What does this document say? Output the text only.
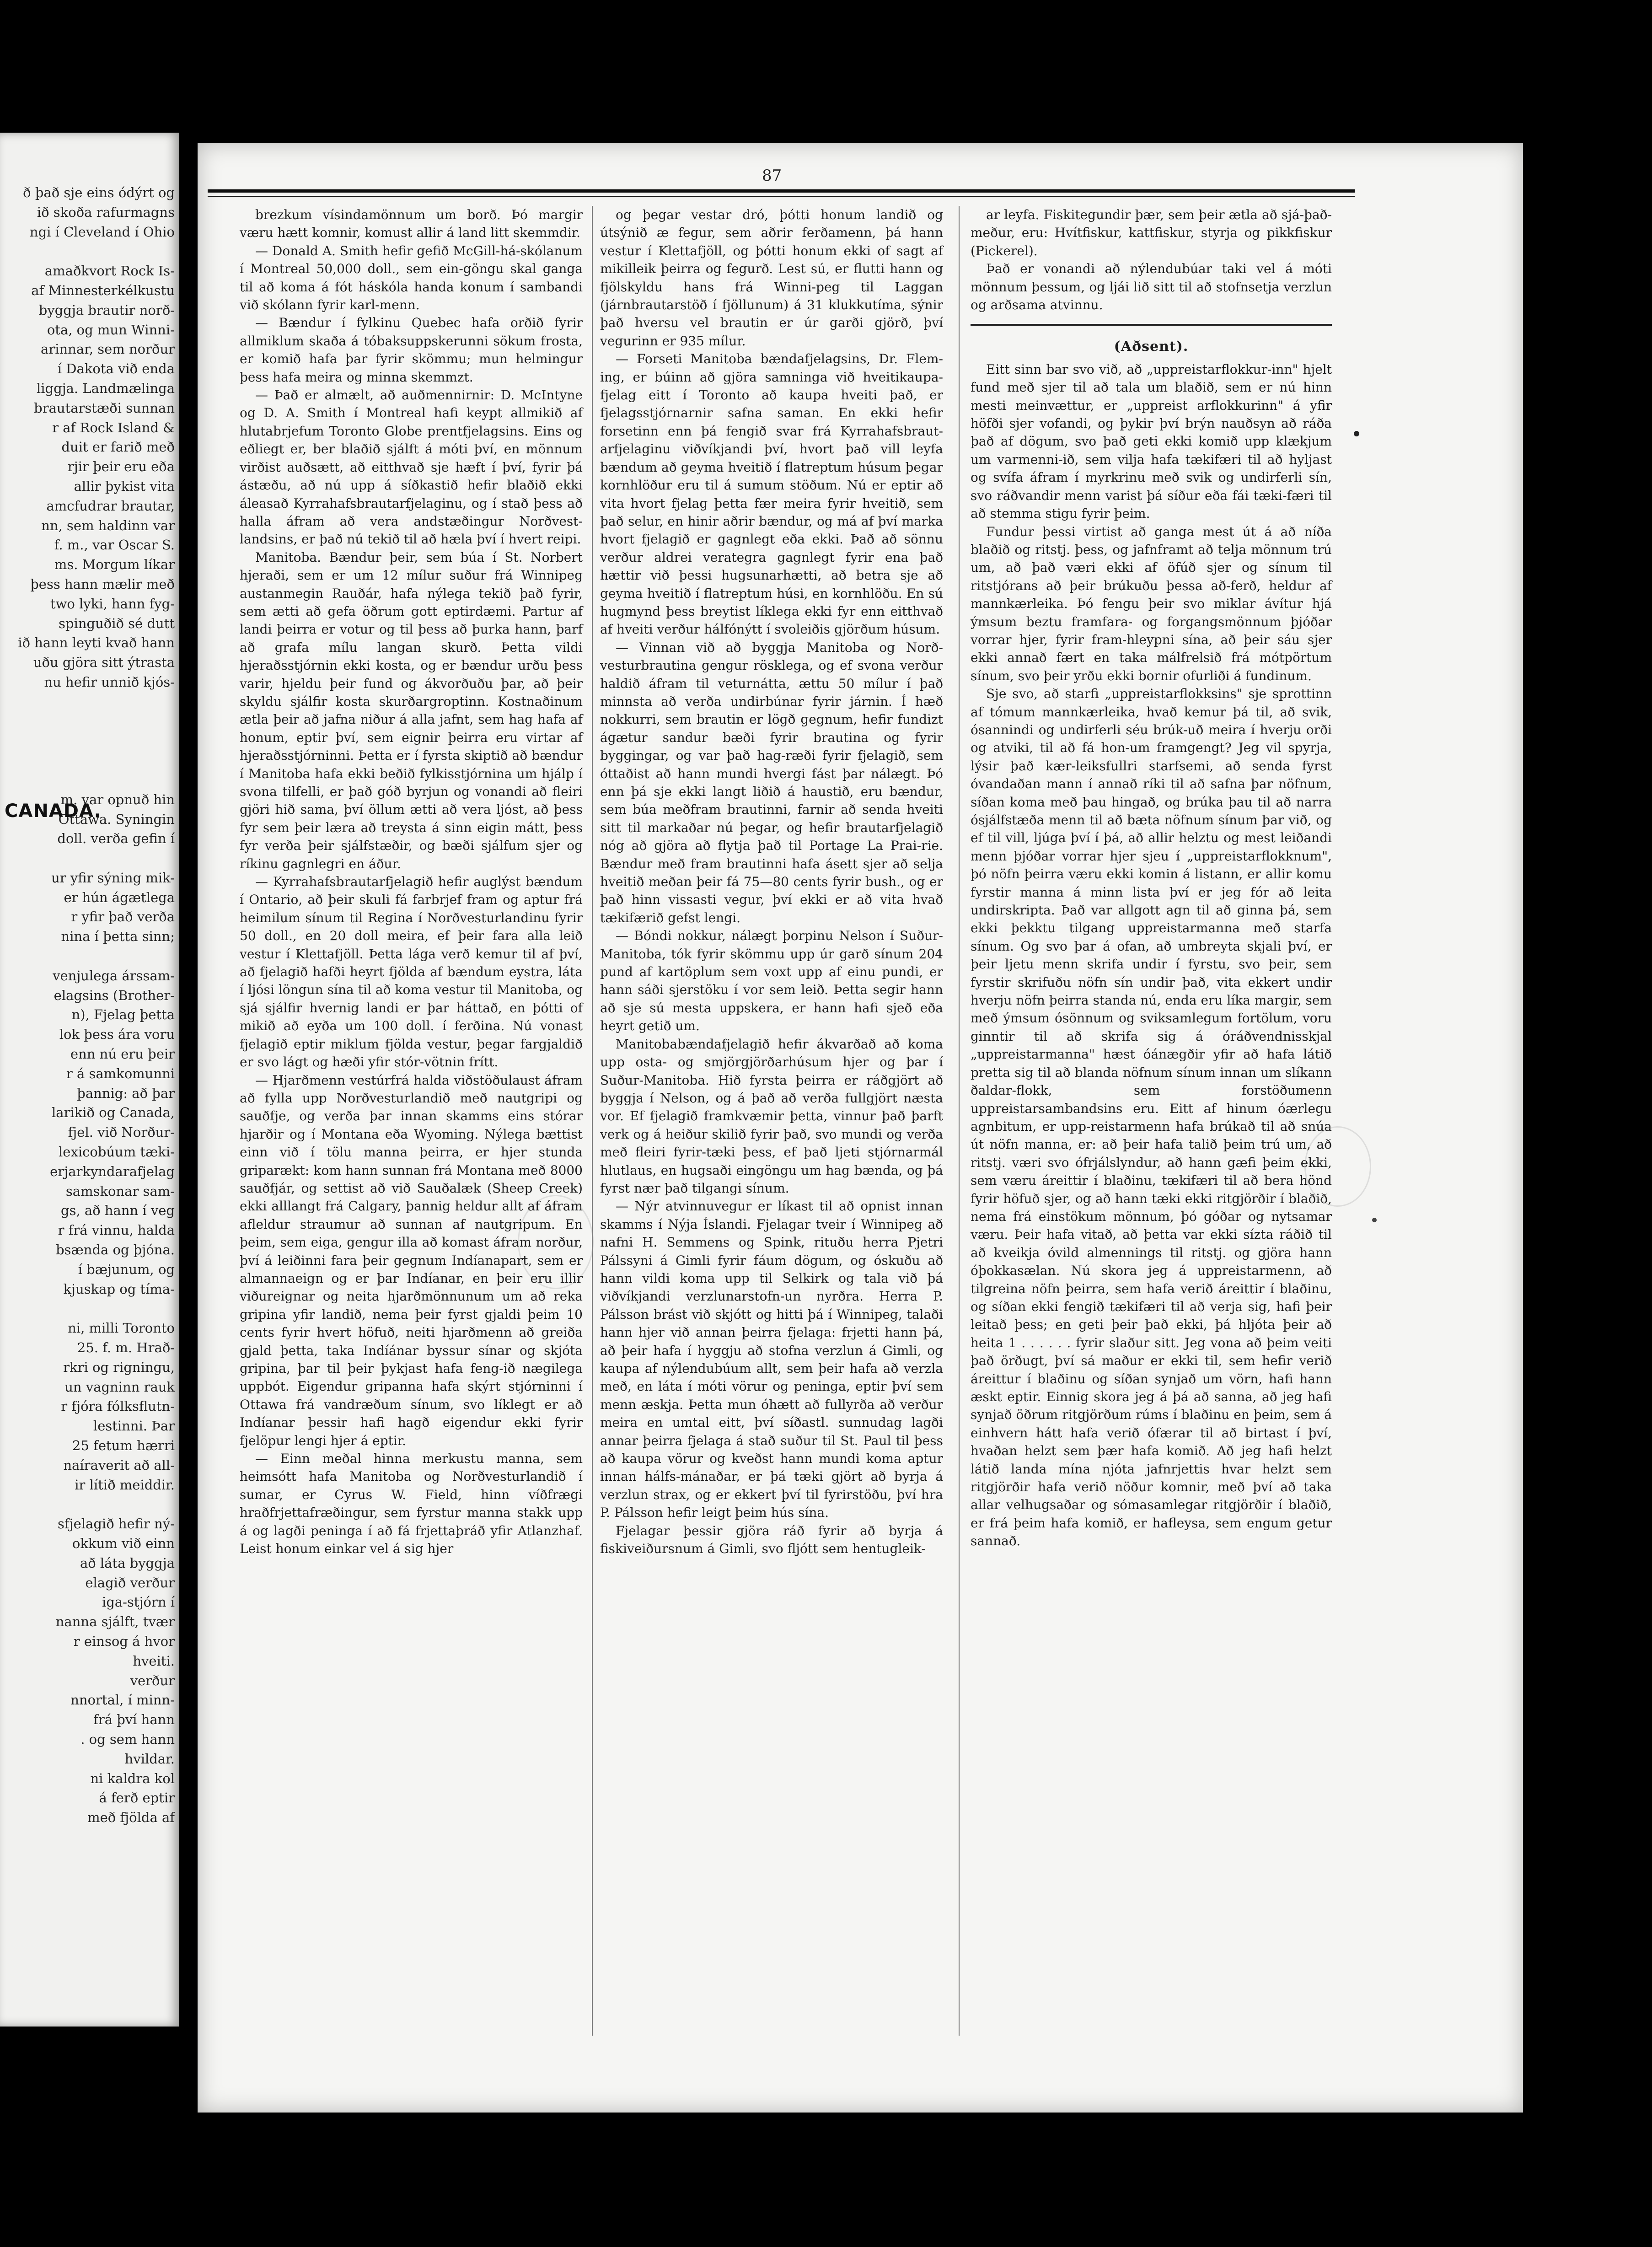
ð það sje eins ódýrt og
ið skoða rafurmagns
ngi í Cleveland í Ohio

amaðkvort Rock Is-
af Minnesterkélkustu
byggja brautir norð-
ota, og mun Winni-
arinnar, sem norður
í Dakota við enda
liggja. Landmælinga
brautarstæði sunnan
r af Rock Island &
duit er farið með
rjir þeir eru eða
allir þykist vita
amcfudrar brautar,
nn, sem haldinn var
f. m., var Oscar S.
ms. Morgum líkar
þess hann mælir með
two lyki, hann fyg-
spinguðið sé dutt
ið hann leyti kvað hann
uðu gjöra sitt ýtrasta
nu hefir unnið kjós-

m. var opnuð hin
Ottawa. Syningin
doll. verða gefin í

ur yfir sýning mik-
er hún ágætlega
r yfir það verða
nina í þetta sinn;

venjulega árssam-
elagsins (Brother-
n), Fjelag þetta
lok þess ára voru
enn nú eru þeir
r á samkomunni
þannig: að þar
larikið og Canada,
fjel. við Norður-
lexicobúum tæki-
erjarkyndarafjelag
samskonar sam-
gs, að hann í veg
r frá vinnu, halda
bsænda og þjóna.
í bæjunum, og
kjuskap og tíma-

ni, milli Toronto
25. f. m. Hrað-
rkri og rigningu,
un vagninn rauk
r fjóra fólksflutn-
lestinni. Þar
25 fetum hærri
naíraverit að all-
ir lítið meiddir.

sfjelagið hefir ný-
okkum við einn
að láta byggja
elagið verður
iga-stjórn í
nanna sjálft, tvær
r einsog á hvor
hveiti.
verður
nnortal, í minn-
frá því hann
. og sem hann
hvildar.
ni kaldra kol
á ferð eptir
með fjölda af
CANADA.
87

brezkum vísindamönnum um borð. Þó margir væru hætt komnir, komust allir á land litt skemmdir.

— Donald A. Smith hefir gefið McGill-há-skólanum í Montreal 50,000 doll., sem ein-göngu skal ganga til að koma á fót háskóla handa konum í sambandi við skólann fyrir karl-menn.

— Bændur í fylkinu Quebec hafa orðið fyrir allmiklum skaða á tóbaksuppskerunni sökum frosta, er komið hafa þar fyrir skömmu; mun helmingur þess hafa meira og minna skemmzt.

— Það er almælt, að auðmennirnir: D. McIntyne og D. A. Smith í Montreal hafi keypt allmikið af hlutabrjefum Toronto Globe prentfjelagsins. Eins og eðliegt er, ber blaðið sjálft á móti því, en mönnum virðist auðsætt, að eitthvað sje hæft í því, fyrir þá ástæðu, að nú upp á síðkastið hefir blaðið ekki áleasað Kyrrahafsbrautarfjelaginu, og í stað þess að halla áfram að vera andstæðingur Norðvest-landsins, er það nú tekið til að hæla því í hvert reipi.

Manitoba. Bændur þeir, sem búa í St. Norbert hjeraði, sem er um 12 mílur suður frá Winnipeg austanmegin Rauðár, hafa nýlega tekið það fyrir, sem ætti að gefa öðrum gott eptirdæmi. Partur af landi þeirra er votur og til þess að þurka hann, þarf að grafa mílu langan skurð. Þetta vildi hjeraðsstjórnin ekki kosta, og er bændur urðu þess varir, hjeldu þeir fund og ákvorðuðu þar, að þeir skyldu sjálfir kosta skurðargroptinn. Kostnaðinum ætla þeir að jafna niður á alla jafnt, sem hag hafa af honum, eptir því, sem eignir þeirra eru virtar af hjeraðsstjórninni. Þetta er í fyrsta skiptið að bændur í Manitoba hafa ekki beðið fylkisstjórnina um hjálp í svona tilfelli, er það góð byrjun og vonandi að fleiri gjöri hið sama, því öllum ætti að vera ljóst, að þess fyr sem þeir læra að treysta á sinn eigin mátt, þess fyr verða þeir sjálfstæðir, og bæði sjálfum sjer og ríkinu gagnlegri en áður.

— Kyrrahafsbrautarfjelagið hefir auglýst bændum í Ontario, að þeir skuli fá farbrjef fram og aptur frá heimilum sínum til Regina í Norðvesturlandinu fyrir 50 doll., en 20 doll meira, ef þeir fara alla leið vestur í Klettafjöll. Þetta lága verð kemur til af því, að fjelagið hafði heyrt fjölda af bændum eystra, láta í ljósi löngun sína til að koma vestur til Manitoba, og sjá sjálfir hvernig landi er þar háttað, en þótti of mikið að eyða um 100 doll. í ferðina. Nú vonast fjelagið eptir miklum fjölda vestur, þegar fargjaldið er svo lágt og hæði yfir stór-vötnin frítt.

— Hjarðmenn vestúrfrá halda viðstöðulaust áfram að fylla upp Norðvesturlandið með nautgripi og sauðfje, og verða þar innan skamms eins stórar hjarðir og í Montana eða Wyoming. Nýlega bættist einn við í tölu manna þeirra, er hjer stunda griparækt: kom hann sunnan frá Montana með 8000 sauðfjár, og settist að við Sauðalæk (Sheep Creek) ekki alllangt frá Calgary, þannig heldur allt af áfram afleldur straumur að sunnan af nautgripum. En þeim, sem eiga, gengur illa að komast áfram norður, því á leiðinni fara þeir gegnum Indíanapart, sem er almannaeign og er þar Indíanar, en þeir eru illir viðureignar og neita hjarðmönnunum um að reka gripina yfir landið, nema þeir fyrst gjaldi þeim 10 cents fyrir hvert höfuð, neiti hjarðmenn að greiða gjald þetta, taka Indíánar byssur sínar og skjóta gripina, þar til þeir þykjast hafa feng-ið nægilega uppbót. Eigendur gripanna hafa skýrt stjórninni í Ottawa frá vandræðum sínum, svo líklegt er að Indíanar þessir hafi hagð eigendur ekki fyrir fjelöpur lengi hjer á eptir.

— Einn meðal hinna merkustu manna, sem heimsótt hafa Manitoba og Norðvesturlandið í sumar, er Cyrus W. Field, hinn víðfrægi hraðfrjettafræðingur, sem fyrstur manna stakk upp á og lagði peninga í að fá frjettaþráð yfir Atlanzhaf. Leist honum einkar vel á sig hjer

og þegar vestar dró, þótti honum landið og útsýnið æ fegur, sem aðrir ferðamenn, þá hann vestur í Klettafjöll, og þótti honum ekki of sagt af mikilleik þeirra og fegurð. Lest sú, er flutti hann og fjölskyldu hans frá Winni-peg til Laggan (járnbrautarstöð í fjöllunum) á 31 klukkutíma, sýnir það hversu vel brautin er úr garði gjörð, því vegurinn er 935 mílur.

— Forseti Manitoba bændafjelagsins, Dr. Flem-ing, er búinn að gjöra samninga við hveitikaupa-fjelag eitt í Toronto að kaupa hveiti það, er fjelagsstjórnarnir safna saman. En ekki hefir forsetinn enn þá fengið svar frá Kyrrahafsbraut-arfjelaginu viðvíkjandi því, hvort það vill leyfa bændum að geyma hveitið í flatreptum húsum þegar kornhlöður eru til á sumum stöðum. Nú er eptir að vita hvort fjelag þetta fær meira fyrir hveitið, sem það selur, en hinir aðrir bændur, og má af því marka hvort fjelagið er gagnlegt eða ekki. Það að sönnu verður aldrei verategra gagnlegt fyrir ena það hættir við þessi hugsunarhætti, að betra sje að geyma hveitið í flatreptum húsi, en kornhlöðu. En sú hugmynd þess breytist líklega ekki fyr enn eitthvað af hveiti verður hálfónýtt í svoleiðis gjörðum húsum.

— Vinnan við að byggja Manitoba og Norð-vesturbrautina gengur rösklega, og ef svona verður haldið áfram til veturnátta, ættu 50 mílur í það minnsta að verða undirbúnar fyrir járnin. Í hæð nokkurri, sem brautin er lögð gegnum, hefir fundizt ágætur sandur bæði fyrir brautina og fyrir byggingar, og var það hag-ræði fyrir fjelagið, sem óttaðist að hann mundi hvergi fást þar nálægt. Þó enn þá sje ekki langt liðið á haustið, eru bændur, sem búa meðfram brautinni, farnir að senda hveiti sitt til markaðar nú þegar, og hefir brautarfjelagið nóg að gjöra að flytja það til Portage La Prai-rie. Bændur með fram brautinni hafa ásett sjer að selja hveitið meðan þeir fá 75—80 cents fyrir bush., og er það hinn vissasti vegur, því ekki er að vita hvað tækifærið gefst lengi.

— Bóndi nokkur, nálægt þorpinu Nelson í Suður-Manitoba, tók fyrir skömmu upp úr garð sínum 204 pund af kartöplum sem voxt upp af einu pundi, er hann sáði sjerstöku í vor sem leið. Þetta segir hann að sje sú mesta uppskera, er hann hafi sjeð eða heyrt getið um.

Manitobabændafjelagið hefir ákvarðað að koma upp osta- og smjörgjörðarhúsum hjer og þar í Suður-Manitoba. Hið fyrsta þeirra er ráðgjört að byggja í Nelson, og á það að verða fullgjört næsta vor. Ef fjelagið framkvæmir þetta, vinnur það þarft verk og á heiður skilið fyrir það, svo mundi og verða með fleiri fyrir-tæki þess, ef það ljeti stjórnarmál hlutlaus, en hugsaði eingöngu um hag bænda, og þá fyrst nær það tilgangi sínum.

— Nýr atvinnuvegur er líkast til að opnist innan skamms í Nýja Íslandi. Fjelagar tveir í Winnipeg að nafni H. Semmens og Spink, rituðu herra Pjetri Pálssyni á Gimli fyrir fáum dögum, og óskuðu að hann vildi koma upp til Selkirk og tala við þá viðvíkjandi verzlunarstofn-un nyrðra. Herra P. Pálsson brást við skjótt og hitti þá í Winnipeg, talaði hann hjer við annan þeirra fjelaga: frjetti hann þá, að þeir hafa í hyggju að stofna verzlun á Gimli, og kaupa af nýlendubúum allt, sem þeir hafa að verzla með, en láta í móti vörur og peninga, eptir því sem menn æskja. Þetta mun óhætt að fullyrða að verður meira en umtal eitt, því síðastl. sunnudag lagði annar þeirra fjelaga á stað suður til St. Paul til þess að kaupa vörur og kveðst hann mundi koma aptur innan hálfs-mánaðar, er þá tæki gjört að byrja á verzlun strax, og er ekkert því til fyrirstöðu, því hra P. Pálsson hefir leigt þeim hús sína.

Fjelagar þessir gjöra ráð fyrir að byrja á fiskiveiðursnum á Gimli, svo fljótt sem hentugleik-

ar leyfa. Fiskitegundir þær, sem þeir ætla að sjá-það-meður, eru: Hvítfiskur, kattfiskur, styrja og pikkfiskur (Pickerel).

Það er vonandi að nýlendubúar taki vel á móti mönnum þessum, og ljái lið sitt til að stofnsetja verzlun og arðsama atvinnu.

(Aðsent).

Eitt sinn bar svo við, að „uppreistarflokkur-inn" hjelt fund með sjer til að tala um blaðið, sem er nú hinn mesti meinvættur, er „uppreist arflokkurinn" á yfir höfði sjer vofandi, og þykir því brýn nauðsyn að ráða það af dögum, svo það geti ekki komið upp klækjum um varmenni-ið, sem vilja hafa tækifæri til að hyljast og svífa áfram í myrkrinu með svik og undirferli sín, svo ráðvandir menn varist þá síður eða fái tæki-færi til að stemma stigu fyrir þeim.

Fundur þessi virtist að ganga mest út á að níða blaðið og ritstj. þess, og jafnframt að telja mönnum trú um, að það væri ekki af öfúð sjer og sínum til ritstjórans að þeir brúkuðu þessa að-ferð, heldur af mannkærleika. Þó fengu þeir svo miklar ávítur hjá ýmsum beztu framfara- og forgangsmönnum þjóðar vorrar hjer, fyrir fram-hleypni sína, að þeir sáu sjer ekki annað fært en taka málfrelsið frá mótpörtum sínum, svo þeir yrðu ekki bornir ofurliði á fundinum.

Sje svo, að starfi „uppreistarflokksins" sje sprottinn af tómum mannkærleika, hvað kemur þá til, að svik, ósannindi og undirferli séu brúk-uð meira í hverju orði og atviki, til að fá hon-um framgengt? Jeg vil spyrja, lýsir það kær-leiksfullri starfsemi, að senda fyrst óvandaðan mann í annað ríki til að safna þar nöfnum, síðan koma með þau hingað, og brúka þau til að narra ósjálfstæða menn til að bæta nöfnum sínum þar við, og ef til vill, ljúga því í þá, að allir helztu og mest leiðandi menn þjóðar vorrar hjer sjeu í „uppreistarflokknum", þó nöfn þeirra væru ekki komin á listann, er allir komu fyrstir manna á minn lista því er jeg fór að leita undirskripta. Það var allgott agn til að ginna þá, sem ekki þekktu tilgang uppreistarmanna með starfa sínum. Og svo þar á ofan, að umbreyta skjali því, er þeir ljetu menn skrifa undir í fyrstu, svo þeir, sem fyrstir skrifuðu nöfn sín undir það, vita ekkert undir hverju nöfn þeirra standa nú, enda eru líka margir, sem með ýmsum ósönnum og sviksamlegum fortölum, voru ginntir til að skrifa sig á óráðvendnisskjal „uppreistarmanna" hæst óánægðir yfir að hafa látið pretta sig til að blanda nöfnum sínum innan um slíkann ðaldar-flokk, sem forstöðumenn uppreistarsambandsins eru. Eitt af hinum óærlegu agnbitum, er upp-reistarmenn hafa brúkað til að snúa út nöfn manna, er: að þeir hafa talið þeim trú um, að ritstj. væri svo ófrjálslyndur, að hann gæfi þeim ekki, sem væru áreittir í blaðinu, tækifæri til að bera hönd fyrir höfuð sjer, og að hann tæki ekki ritgjörðir í blaðið, nema frá einstökum mönnum, þó góðar og nytsamar væru. Þeir hafa vitað, að þetta var ekki sízta ráðið til að kveikja óvild almennings til ritstj. og gjöra hann óþokkasælan. Nú skora jeg á uppreistarmenn, að tilgreina nöfn þeirra, sem hafa verið áreittir í blaðinu, og síðan ekki fengið tækifæri til að verja sig, hafi þeir leitað þess; en geti þeir það ekki, þá hljóta þeir að heita 1 . . . . . . fyrir slaður sitt. Jeg vona að þeim veiti það örðugt, því sá maður er ekki til, sem hefir verið áreittur í blaðinu og síðan synjað um vörn, hafi hann æskt eptir. Einnig skora jeg á þá að sanna, að jeg hafi synjað öðrum ritgjörðum rúms í blaðinu en þeim, sem á einhvern hátt hafa verið ófærar til að birtast í því, hvaðan helzt sem þær hafa komið. Að jeg hafi helzt látið landa mína njóta jafnrjettis hvar helzt sem ritgjörðir hafa verið nöður komnir, með því að taka allar velhugsaðar og sómasamlegar ritgjörðir í blaðið, er frá þeim hafa komið, er hafleysa, sem engum getur sannað.
